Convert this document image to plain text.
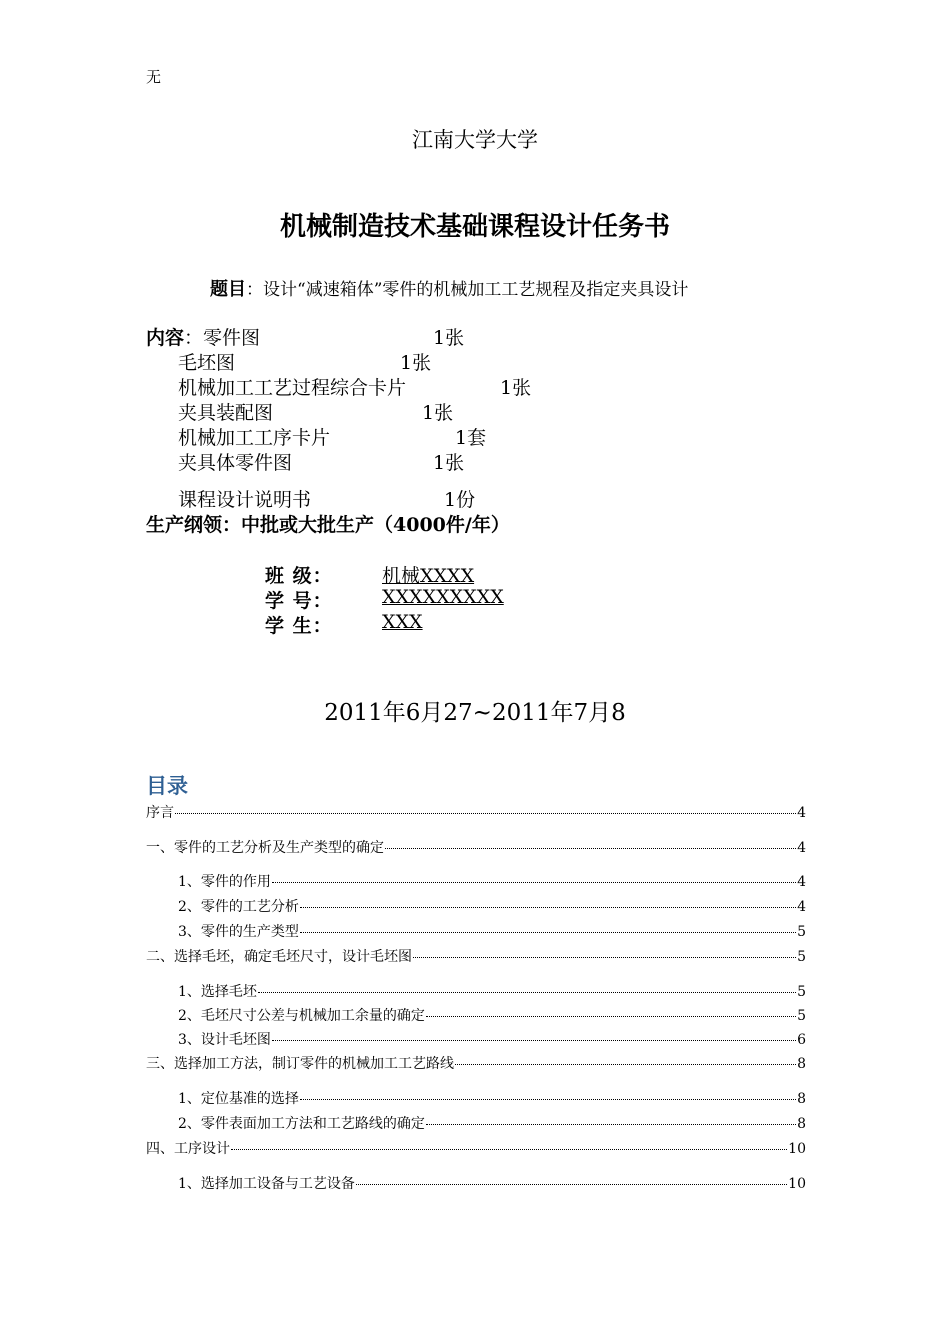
无
江南大学大学
机械制造技术基础课程设计任务书
题目：设计“减速箱体”零件的机械加工工艺规程及指定夹具设计
内容：零件图	1张
毛坯图	1张
机械加工工艺过程综合卡片	1张
夹具装配图	1张
机械加工工序卡片	1套
夹具体零件图	1张
课程设计说明书	1份
生产纲领：中批或大批生产（4000件/年）
班 级：	机械XXXX
学 号：	XXXXXXXXX
学 生：	XXX
2011年6月27~2011年7月8
目录
序言	4
一、零件的工艺分析及生产类型的确定	4
1、零件的作用	4
2、零件的工艺分析	4
3、零件的生产类型	5
二、选择毛坯，确定毛坯尺寸，设计毛坯图	5
1、选择毛坯	5
2、毛坯尺寸公差与机械加工余量的确定	5
3、设计毛坯图	6
三、选择加工方法，制订零件的机械加工工艺路线	8
1、定位基准的选择	8
2、零件表面加工方法和工艺路线的确定	8
四、工序设计	10
1、选择加工设备与工艺设备	10
